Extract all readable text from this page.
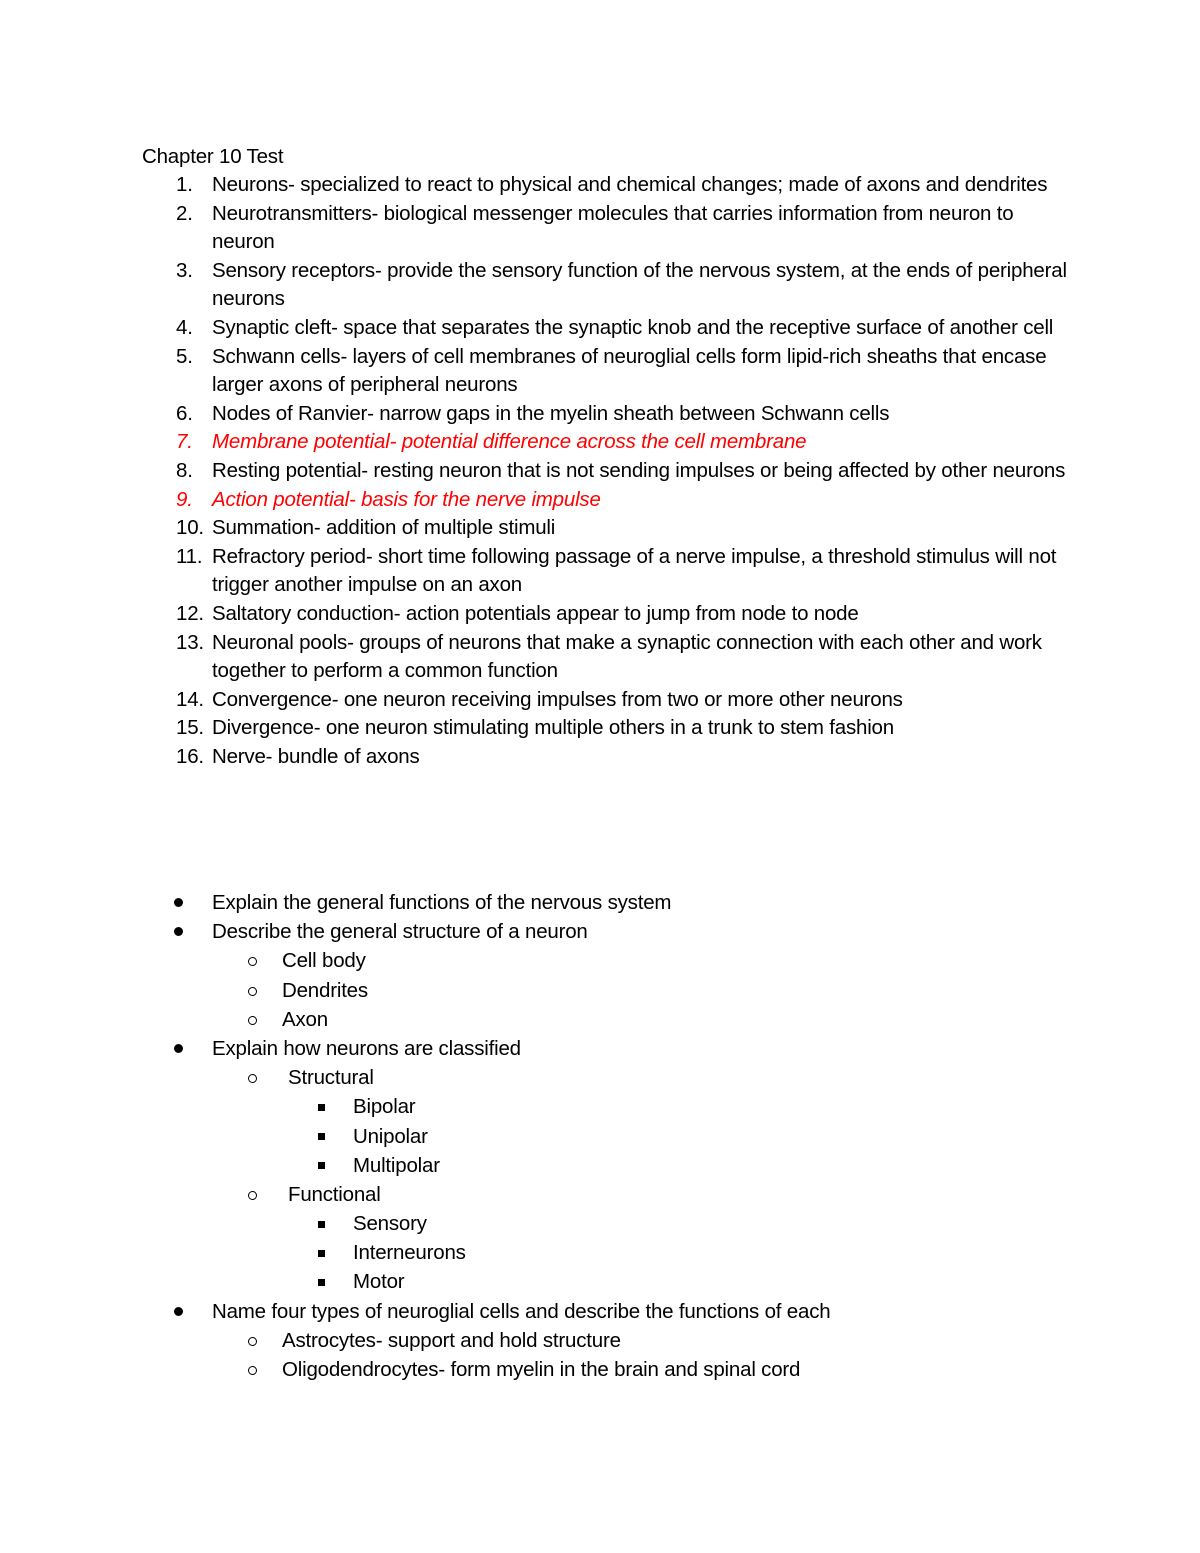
Chapter 10 Test
1. Neurons- specialized to react to physical and chemical changes; made of axons and dendrites
2. Neurotransmitters- biological messenger molecules that carries information from neuron to neuron
3. Sensory receptors- provide the sensory function of the nervous system, at the ends of peripheral neurons
4. Synaptic cleft- space that separates the synaptic knob and the receptive surface of another cell
5. Schwann cells- layers of cell membranes of neuroglial cells form lipid-rich sheaths that encase larger axons of peripheral neurons
6. Nodes of Ranvier- narrow gaps in the myelin sheath between Schwann cells
7. Membrane potential- potential difference across the cell membrane
8. Resting potential- resting neuron that is not sending impulses or being affected by other neurons
9. Action potential- basis for the nerve impulse
10. Summation- addition of multiple stimuli
11. Refractory period- short time following passage of a nerve impulse, a threshold stimulus will not trigger another impulse on an axon
12. Saltatory conduction- action potentials appear to jump from node to node
13. Neuronal pools- groups of neurons that make a synaptic connection with each other and work together to perform a common function
14. Convergence- one neuron receiving impulses from two or more other neurons
15. Divergence- one neuron stimulating multiple others in a trunk to stem fashion
16. Nerve- bundle of axons
Explain the general functions of the nervous system
Describe the general structure of a neuron
Cell body
Dendrites
Axon
Explain how neurons are classified
Structural
Bipolar
Unipolar
Multipolar
Functional
Sensory
Interneurons
Motor
Name four types of neuroglial cells and describe the functions of each
Astrocytes- support and hold structure
Oligodendrocytes- form myelin in the brain and spinal cord
